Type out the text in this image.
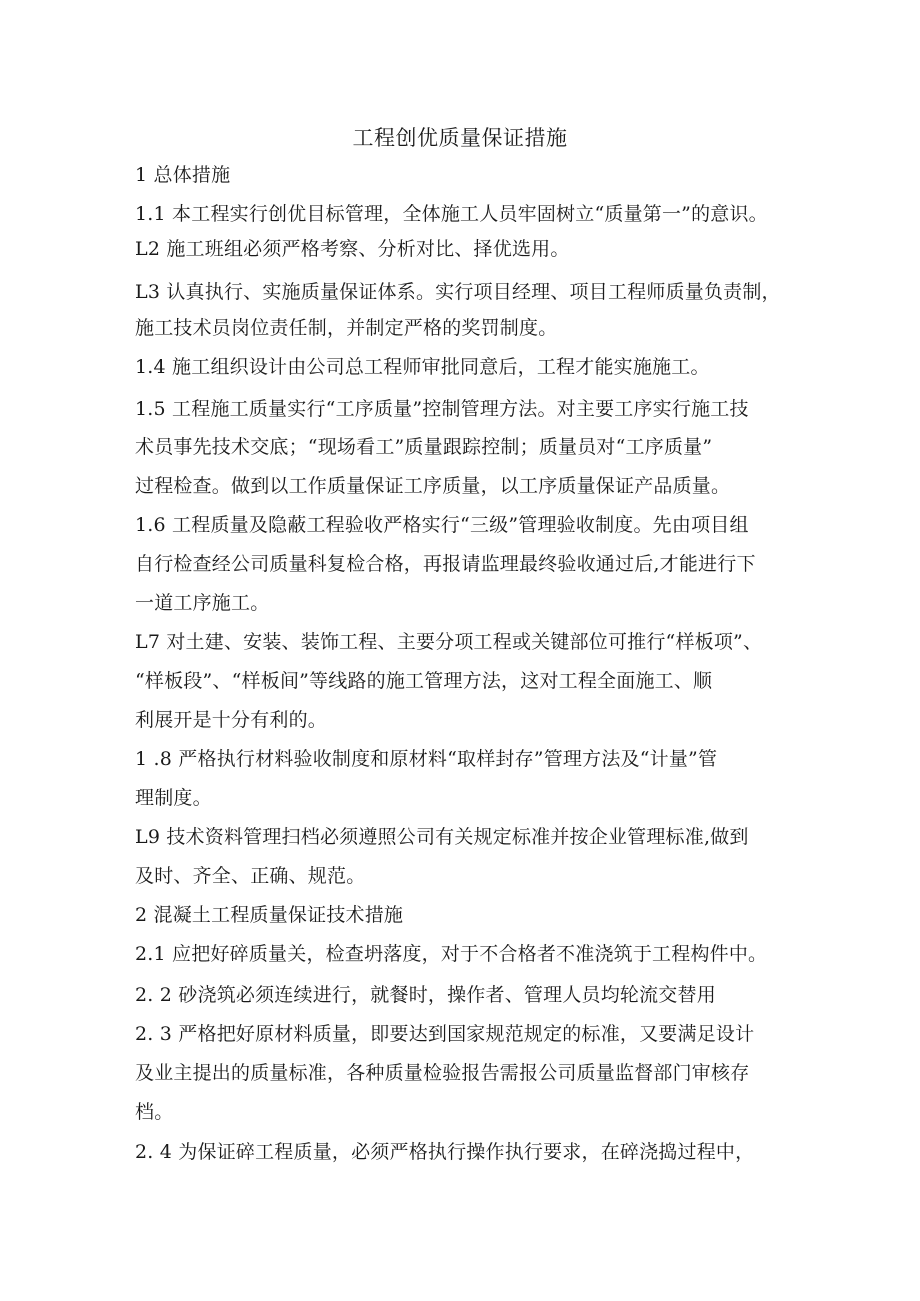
工程创优质量保证措施
1 总体措施
1.1 本工程实行创优目标管理，全体施工人员牢固树立“质量第一”的意识。
L2 施工班组必须严格考察、分析对比、择优选用。
L3 认真执行、实施质量保证体系。实行项目经理、项目工程师质量负责制，
施工技术员岗位责任制，并制定严格的奖罚制度。
1.4 施工组织设计由公司总工程师审批同意后，工程才能实施施工。
1.5 工程施工质量实行“工序质量”控制管理方法。对主要工序实行施工技
术员事先技术交底；“现场看工”质量跟踪控制；质量员对“工序质量”
过程检查。做到以工作质量保证工序质量，以工序质量保证产品质量。
1.6 工程质量及隐蔽工程验收严格实行“三级”管理验收制度。先由项目组
自行检查经公司质量科复检合格，再报请监理最终验收通过后,才能进行下
一道工序施工。
L7 对土建、安装、装饰工程、主要分项工程或关键部位可推行“样板项”、
“样板段”、“样板间”等线路的施工管理方法，这对工程全面施工、顺
利展开是十分有利的。
1 .8 严格执行材料验收制度和原材料“取样封存”管理方法及“计量”管
理制度。
L9 技术资料管理扫档必须遵照公司有关规定标准并按企业管理标准,做到
及时、齐全、正确、规范。
2 混凝土工程质量保证技术措施
2.1 应把好碎质量关，检查坍落度，对于不合格者不准浇筑于工程构件中。
2. 2 砂浇筑必须连续进行，就餐时，操作者、管理人员均轮流交替用
2. 3 严格把好原材料质量，即要达到国家规范规定的标准，又要满足设计
及业主提出的质量标准，各种质量检验报告需报公司质量监督部门审核存
档。
2. 4 为保证碎工程质量，必须严格执行操作执行要求，在碎浇捣过程中，
